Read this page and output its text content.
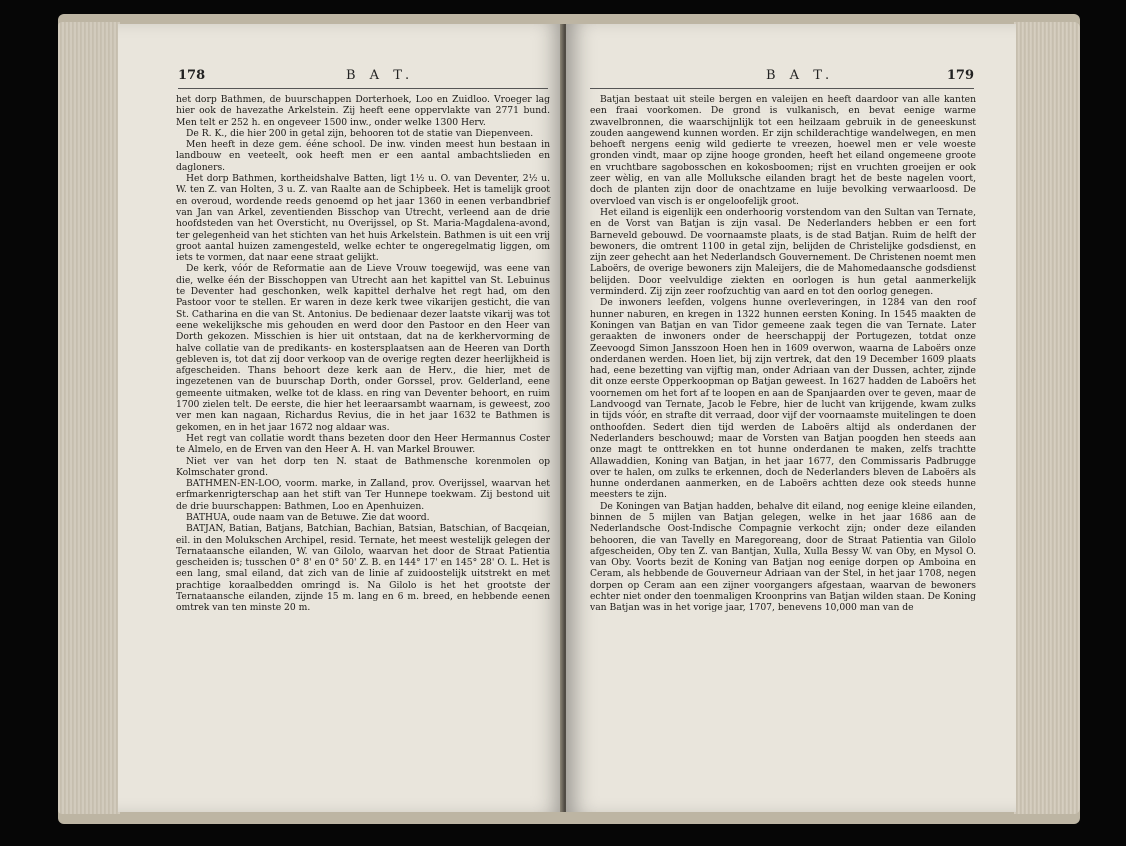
178	B A T.

het dorp Bathmen, de buurschappen Dorterhoek, Loo en Zuidloo. Vroeger lag hier ook de havezathe Arkelstein. Zij heeft eene oppervlakte van 2771 bund. Men telt er 252 h. en ongeveer 1500 inw., onder welke 1300 Herv.

De R. K., die hier 200 in getal zijn, behooren tot de statie van Diepenveen.

Men heeft in deze gem. ééne school. De inw. vinden meest hun bestaan in landbouw en veeteelt, ook heeft men er een aantal ambachtslieden en dagloners.

Het dorp Bathmen, kortheidshalve Batten, ligt 1½ u. O. van Deventer, 2½ u. W. ten Z. van Holten, 3 u. Z. van Raalte aan de Schipbeek. Het is tamelijk groot en overoud, wordende reeds genoemd op het jaar 1360 in eenen verbandbrief van Jan van Arkel, zeventienden Bisschop van Utrecht, verleend aan de drie hoofdsteden van het Oversticht, nu Overijssel, op St. Maria-Magdalena-avond, ter gelegenheid van het stichten van het huis Arkelstein. Bathmen is uit een vrij groot aantal huizen zamengesteld, welke echter te ongeregelmatig liggen, om iets te vormen, dat naar eene straat gelijkt.

De kerk, vóór de Reformatie aan de Lieve Vrouw toegewijd, was eene van die, welke één der Bisschoppen van Utrecht aan het kapittel van St. Lebuinus te Deventer had geschonken, welk kapittel derhalve het regt had, om den Pastoor voor te stellen. Er waren in deze kerk twee vikarijen gesticht, die van St. Catharina en die van St. Antonius. De bedienaar dezer laatste vikarij was tot eene wekelijksche mis gehouden en werd door den Pastoor en den Heer van Dorth gekozen. Misschien is hier uit ontstaan, dat na de kerkhervorming de halve collatie van de predikants- en kostersplaatsen aan de Heeren van Dorth gebleven is, tot dat zij door verkoop van de overige regten dezer heerlijkheid is afgescheiden. Thans behoort deze kerk aan de Herv., die hier, met de ingezetenen van de buurschap Dorth, onder Gorssel, prov. Gelderland, eene gemeente uitmaken, welke tot de klass. en ring van Deventer behoort, en ruim 1700 zielen telt. De eerste, die hier het leeraarsambt waarnam, is geweest, zoo ver men kan nagaan, Richardus Revius, die in het jaar 1632 te Bathmen is gekomen, en in het jaar 1672 nog aldaar was.

Het regt van collatie wordt thans bezeten door den Heer Hermannus Coster te Almelo, en de Erven van den Heer A. H. van Markel Brouwer.

Niet ver van het dorp ten N. staat de Bathmensche korenmolen op Kolmschater grond.

BATHMEN-EN-LOO, voorm. marke, in Zalland, prov. Overijssel, waarvan het erfmarkenrigterschap aan het stift van Ter Hunnepe toekwam. Zij bestond uit de drie buurschappen: Bathmen, Loo en Apenhuizen.

BATHUA, oude naam van de Betuwe. Zie dat woord.

BATJAN, Batian, Batjans, Batchian, Bachian, Batsian, Batschian, of Bacqeian, eil. in den Molukschen Archipel, resid. Ternate, het meest westelijk gelegen der Ternataansche eilanden, W. van Gilolo, waarvan het door de Straat Patientia gescheiden is; tusschen 0° 8' en 0° 50' Z. B. en 144° 17' en 145° 28' O. L. Het is een lang, smal eiland, dat zich van de linie af zuidoostelijk uitstrekt en met prachtige koraalbedden omringd is. Na Gilolo is het het grootste der Ternataansche eilanden, zijnde 15 m. lang en 6 m. breed, en hebbende eenen omtrek van ten minste 20 m.

B A T.	179

Batjan bestaat uit steile bergen en valeijen en heeft daardoor van alle kanten een fraai voorkomen. De grond is vulkanisch, en bevat eenige warme zwavelbronnen, die waarschijnlijk tot een heilzaam gebruik in de geneeskunst zouden aangewend kunnen worden. Er zijn schilderachtige wandelwegen, en men behoeft nergens eenig wild gedierte te vreezen, hoewel men er vele woeste gronden vindt, maar op zijne hooge gronden, heeft het eiland ongemeene groote en vruchtbare sagobosschen en kokosboomen; rijst en vruchten groeijen er ook zeer wèlig, en van alle Molluksche eilanden bragt het de beste nagelen voort, doch de planten zijn door de onachtzame en luije bevolking verwaarloosd. De overvloed van visch is er ongeloofelijk groot.

Het eiland is eigenlijk een onderhoorig vorstendom van den Sultan van Ternate, en de Vorst van Batjan is zijn vasal. De Nederlanders hebben er een fort Barneveld gebouwd. De voornaamste plaats, is de stad Batjan. Ruim de helft der bewoners, die omtrent 1100 in getal zijn, belijden de Christelijke godsdienst, en zijn zeer gehecht aan het Nederlandsch Gouvernement. De Christenen noemt men Laboërs, de overige bewoners zijn Maleijers, die de Mahomedaansche godsdienst belijden. Door veelvuldige ziekten en oorlogen is hun getal aanmerkelijk verminderd. Zij zijn zeer roofzuchtig van aard en tot den oorlog genegen.

De inwoners leefden, volgens hunne overleveringen, in 1284 van den roof hunner naburen, en kregen in 1322 hunnen eersten Koning. In 1545 maakten de Koningen van Batjan en van Tidor gemeene zaak tegen die van Ternate. Later geraakten de inwoners onder de heerschappij der Portugezen, totdat onze Zeevoogd Simon Jansszoon Hoen hen in 1609 overwon, waarna de Laboërs onze onderdanen werden. Hoen liet, bij zijn vertrek, dat den 19 December 1609 plaats had, eene bezetting van vijftig man, onder Adriaan van der Dussen, achter, zijnde dit onze eerste Opperkoopman op Batjan geweest. In 1627 hadden de Laboërs het voornemen om het fort af te loopen en aan de Spanjaarden over te geven, maar de Landvoogd van Ternate, Jacob le Febre, hier de lucht van krijgende, kwam zulks in tijds vóór, en strafte dit verraad, door vijf der voornaamste muitelingen te doen onthoofden. Sedert dien tijd werden de Laboërs altijd als onderdanen der Nederlanders beschouwd; maar de Vorsten van Batjan poogden hen steeds aan onze magt te onttrekken en tot hunne onderdanen te maken, zelfs trachtte Allawaddien, Koning van Batjan, in het jaar 1677, den Commissaris Padbrugge over te halen, om zulks te erkennen, doch de Nederlanders bleven de Laboërs als hunne onderdanen aanmerken, en de Laboërs achtten deze ook steeds hunne meesters te zijn.

De Koningen van Batjan hadden, behalve dit eiland, nog eenige kleine eilanden, binnen de 5 mijlen van Batjan gelegen, welke in het jaar 1686 aan de Nederlandsche Oost-Indische Compagnie verkocht zijn; onder deze eilanden behooren, die van Tavelly en Maregoreang, door de Straat Patientia van Gilolo afgescheiden, Oby ten Z. van Bantjan, Xulla, Xulla Bessy W. van Oby, en Mysol O. van Oby. Voorts bezit de Koning van Batjan nog eenige dorpen op Amboina en Ceram, als hebbende de Gouverneur Adriaan van der Stel, in het jaar 1708, negen dorpen op Ceram aan een zijner voorgangers afgestaan, waarvan de bewoners echter niet onder den toenmaligen Kroonprins van Batjan wilden staan. De Koning van Batjan was in het vorige jaar, 1707, benevens 10,000 man van de
